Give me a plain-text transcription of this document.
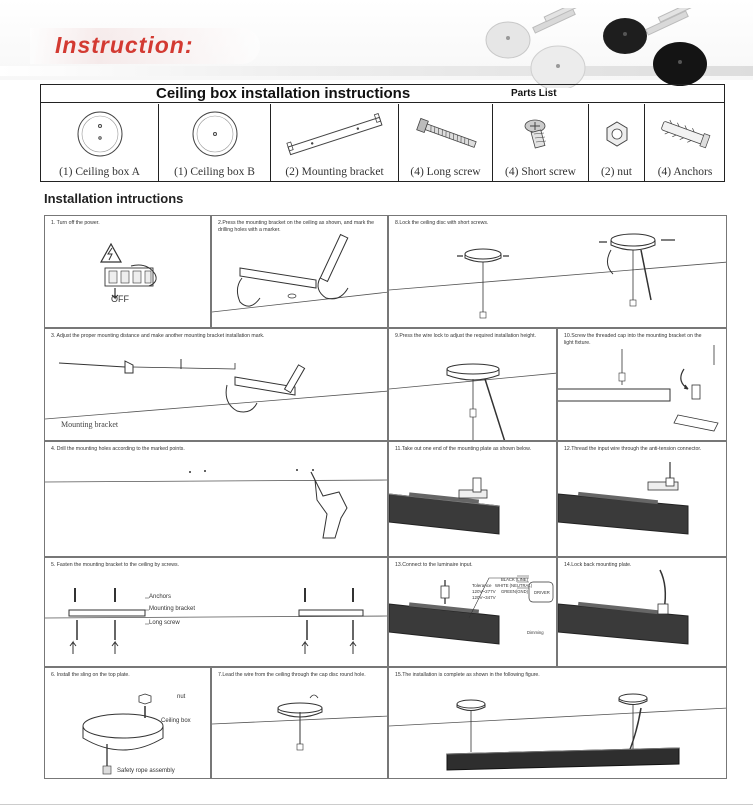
Instruction:
Ceiling box installation instructions	Parts List
(1) Ceiling box A	(1) Ceiling box B	(2) Mounting bracket	(4) Long screw	(4) Short screw	(2) nut	(4) Anchors
Installation intructions
1. Turn off the power.
OFF
2.Press the mounting bracket on the ceiling as shown, and mark the drilling holes with a marker.
3. Adjust the proper mounting distance and make another mounting bracket installation mark.
Mounting bracket
4. Drill the mounting holes according to the marked points.
5. Fasten the mounting bracket to the ceiling by screws.
Anchors
Mounting bracket
Long screw
6. Install the sling on the top plate.
nut
Ceiling box
Safety rope assembly
7.Lead the wire from the ceiling through the cap disc round hole.
8.Lock the ceiling disc with short screws.
9.Press the wire lock to adjust the required installation height.	10.Screw the threaded cap into the mounting bracket on the light fixture.
11.Take out one end of the mounting plate as shown below.	12.Thread the input wire through the anti-tension connector.
13.Connect to the luminaire input.
Tolerance
120V~277V
120V~347V
BLACK (LINE)
WHITE (NEUTRAL)
GREEN(GND) DRIVER
Dimming
14.Lock back mounting plate.
15.The installation is complete as shown in the following figure.
